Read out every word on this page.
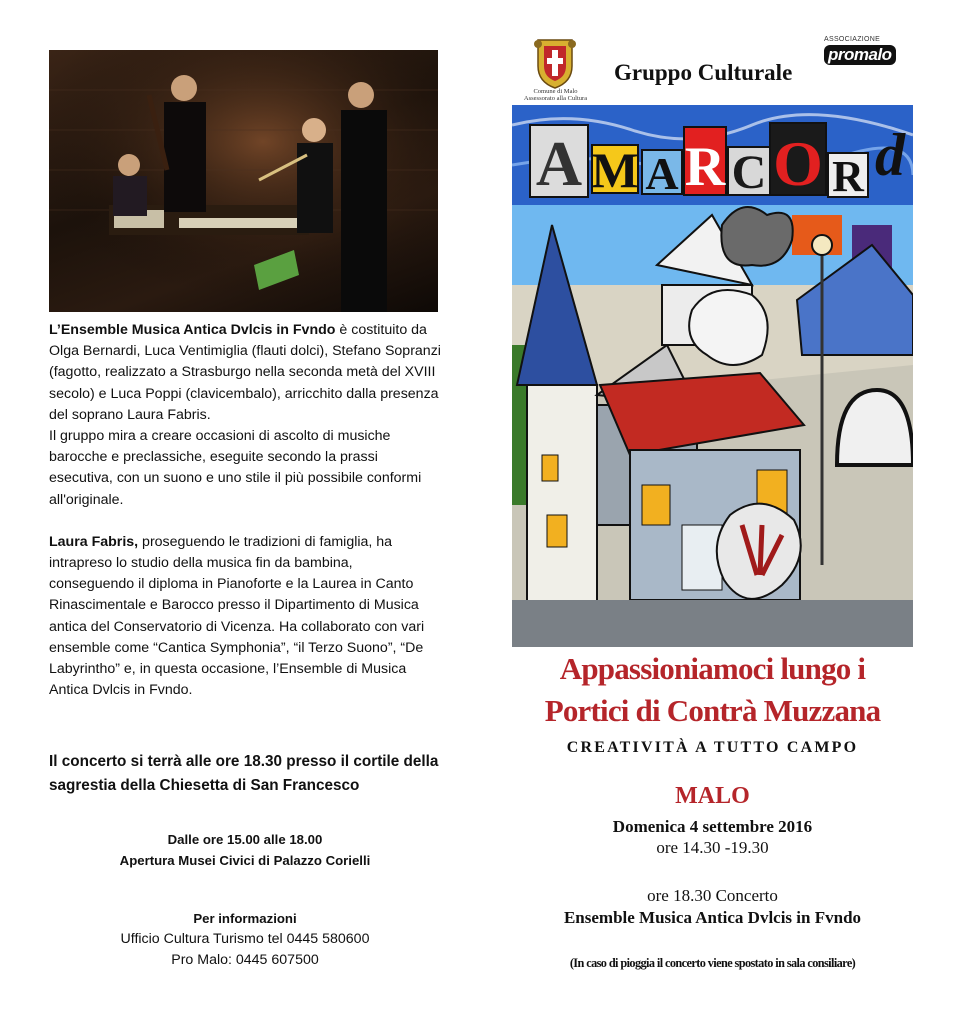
L’Ensemble Musica Antica Dvlcis in Fvndo è costituito da Olga Bernardi, Luca Ventimiglia (flauti dolci), Stefano Sopranzi (fagotto, realizzato a Strasburgo nella seconda metà del XVIII secolo) e Luca Poppi (clavicembalo), arricchito dalla presenza del soprano Laura Fabris.

Il gruppo mira a creare occasioni di ascolto di musiche barocche e preclassiche, eseguite secondo la prassi esecutiva, con un suono e uno stile il più possibile conformi all'originale.

Laura Fabris, proseguendo le tradizioni di famiglia, ha intrapreso lo studio della musica fin da bambina, conseguendo il diploma in Pianoforte e la Laurea in Canto Rinascimentale e Barocco presso il Dipartimento di Musica antica del Conservatorio di Vicenza. Ha collaborato con vari ensemble come “Cantica Symphonia”, “il Terzo Suono”, “De Labyrintho” e, in questa occasione, l’Ensemble di Musica Antica Dvlcis in Fvndo.

Il concerto si terrà alle ore 18.30 presso il cortile della sagrestia della Chiesetta di San Francesco
Dalle ore 15.00 alle 18.00
Apertura Musei Civici di Palazzo Corielli
Per informazioni
Ufficio Cultura Turismo tel 0445 580600
Pro Malo: 0445 607500
Comune di Malo
Assessorato alla Cultura
ASSOCIAZIONE
promalo
Gruppo Culturale
A M A R C O R d
Appassioniamoci lungo i
Portici di Contrà Muzzana
CREATIVITÀ A TUTTO CAMPO
MALO
Domenica 4 settembre 2016
ore 14.30 -19.30
ore 18.30 Concerto
Ensemble Musica Antica Dvlcis in Fvndo
(In caso di pioggia il concerto viene spostato in sala consiliare)
